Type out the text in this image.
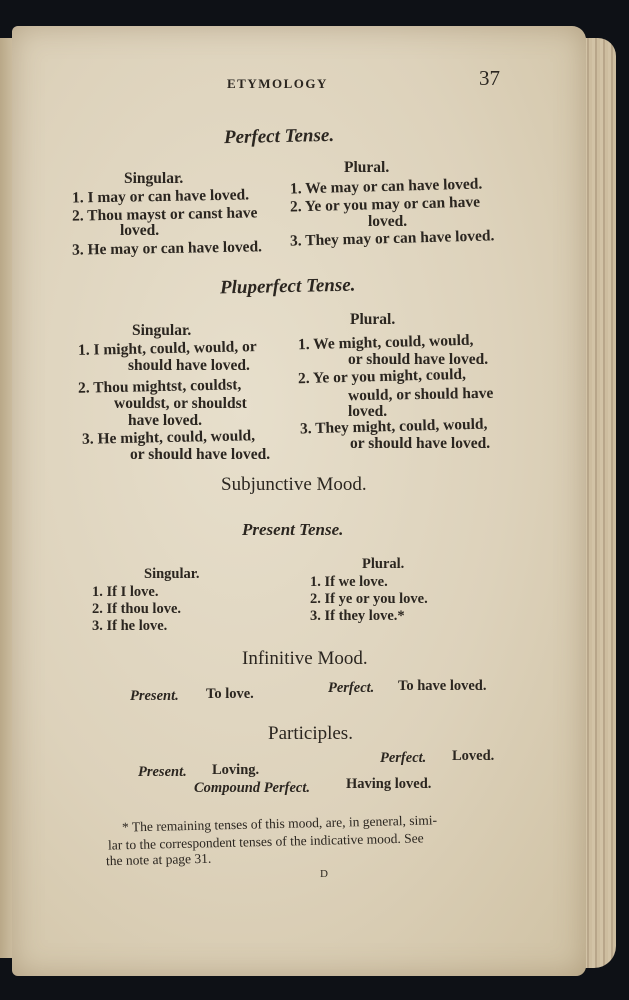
ETYMOLOGY	37
Perfect Tense.
Singular.
Plural.
1. I may or can have loved.
2. Thou mayst or canst have
loved.
3. He may or can have loved.
1. We may or can have loved.
2. Ye or you may or can have
loved.
3. They may or can have loved.
Pluperfect Tense.
Singular.
Plural.
1. I might, could, would, or
should have loved.
2. Thou mightst, couldst,
wouldst, or shouldst
have loved.
3. He might, could, would,
or should have loved.
1. We might, could, would,
or should have loved.
2. Ye or you might, could,
would, or should have
loved.
3. They might, could, would,
or should have loved.
Subjunctive Mood.
Present Tense.
Singular.
Plural.
1. If I love.
2. If thou love.
3. If he love.
1. If we love.
2. If ye or you love.
3. If they love.*
Infinitive Mood.
Present. To love.	Perfect. To have loved.
Participles.
Present. Loving.
Perfect. Loved.
Compound Perfect. Having loved.
* The remaining tenses of this mood, are, in general, simi-
lar to the correspondent tenses of the indicative mood. See
the note at page 31.
D
